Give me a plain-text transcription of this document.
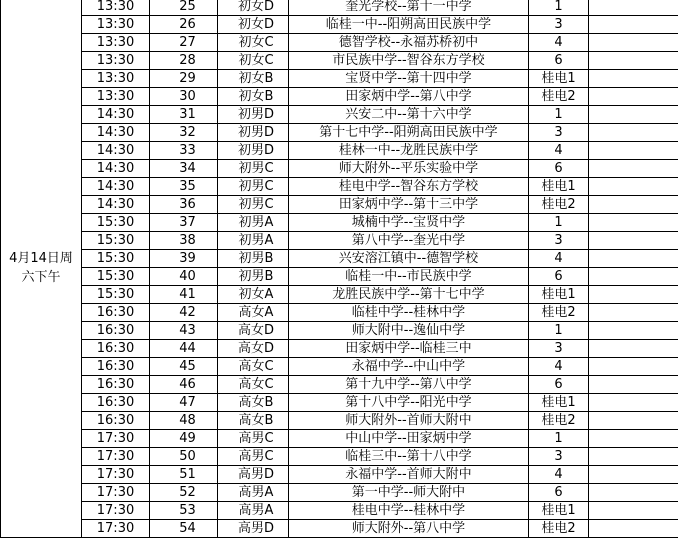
4月14日周六下午	13:30	25	初女D	奎光学校--第十一中学	1	
	13:30	26	初女D	临桂一中--阳朔高田民族中学	3	
	13:30	27	初女C	德智学校--永福苏桥初中	4	
	13:30	28	初女C	市民族中学--智谷东方学校	6	
	13:30	29	初女B	宝贤中学--第十四中学	桂电1	
	13:30	30	初女B	田家炳中学--第八中学	桂电2	
	14:30	31	初男D	兴安二中--第十六中学	1	
	14:30	32	初男D	第十七中学--阳朔高田民族中学	3	
	14:30	33	初男D	桂林一中--龙胜民族中学	4	
	14:30	34	初男C	师大附外--平乐实验中学	6	
	14:30	35	初男C	桂电中学--智谷东方学校	桂电1	
	14:30	36	初男C	田家炳中学--第十三中学	桂电2	
	15:30	37	初男A	城楠中学--宝贤中学	1	
	15:30	38	初男A	第八中学--奎光中学	3	
	15:30	39	初男B	兴安溶江镇中--德智学校	4	
	15:30	40	初男B	临桂一中--市民族中学	6	
	15:30	41	初女A	龙胜民族中学--第十七中学	桂电1	
	16:30	42	高女A	临桂中学--桂林中学	桂电2	
	16:30	43	高女D	师大附中--逸仙中学	1	
	16:30	44	高女D	田家炳中学--临桂三中	3	
	16:30	45	高女C	永福中学--中山中学	4	
	16:30	46	高女C	第十九中学--第八中学	6	
	16:30	47	高女B	第十八中学--阳光中学	桂电1	
	16:30	48	高女B	师大附外--首师大附中	桂电2	
	17:30	49	高男C	中山中学--田家炳中学	1	
	17:30	50	高男C	临桂三中--第十八中学	3	
	17:30	51	高男D	永福中学--首师大附中	4	
	17:30	52	高男A	第一中学--师大附中	6	
	17:30	53	高男A	桂电中学--桂林中学	桂电1	
	17:30	54	高男D	师大附外--第八中学	桂电2	
